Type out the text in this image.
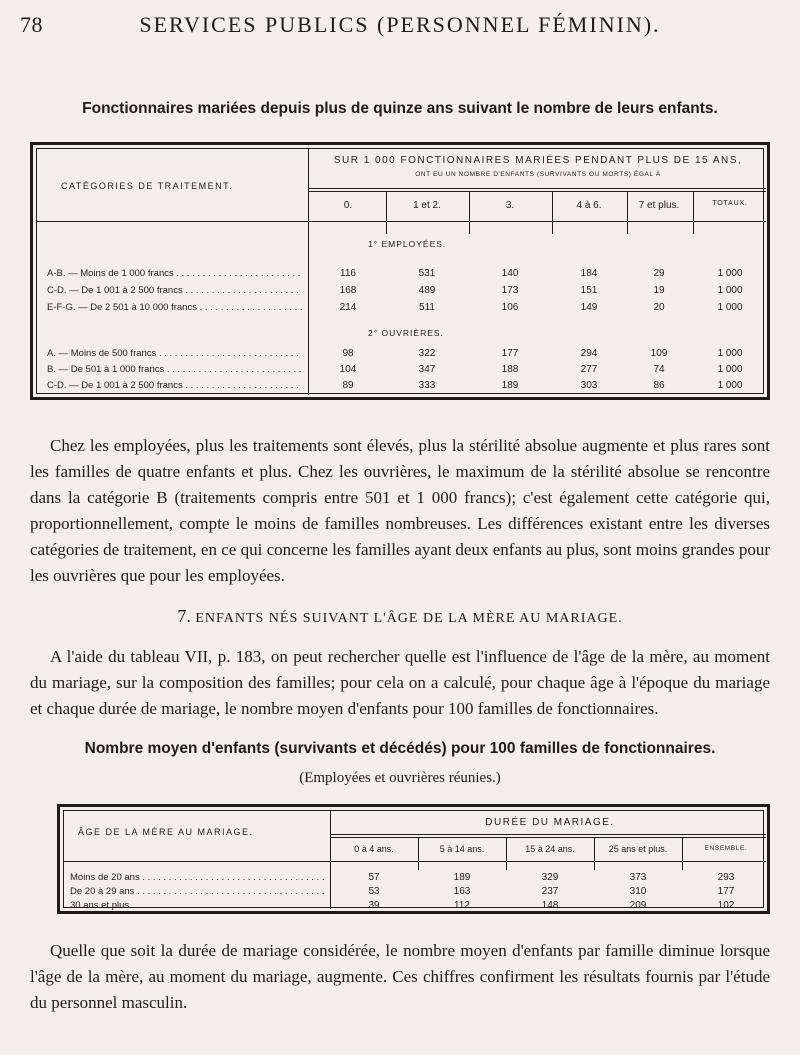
78	SERVICES PUBLICS (PERSONNEL FÉMININ).
Fonctionnaires mariées depuis plus de quinze ans suivant le nombre de leurs enfants.
CATÉGORIES DE TRAITEMENT.
SUR 1 000 FONCTIONNAIRES MARIÉES PENDANT PLUS DE 15 ANS,
ONT EU UN NOMBRE D'ENFANTS (SURVIVANTS OU MORTS) ÉGAL À
0.	1 et 2.	3.	4 à 6.	7 et plus.	TOTAUX.
1° EMPLOYÉES.
A-B. — Moins de 1 000 francs . . .	116	531	140	184	29	1 000
C-D. — De 1 001 à 2 500 francs . . .	168	489	173	151	19	1 000
E-F-G. — De 2 501 à 10 000 francs . . .	214	511	106	149	20	1 000
2° OUVRIÈRES.
A. — Moins de 500 francs . . .	98	322	177	294	109	1 000
B. — De 501 à 1 000 francs . . .	104	347	188	277	74	1 000
C-D. — De 1 001 à 2 500 francs . . .	89	333	189	303	86	1 000

Chez les employées, plus les traitements sont élevés, plus la stérilité absolue augmente et plus rares sont les familles de quatre enfants et plus. Chez les ouvrières, le maximum de la stérilité absolue se rencontre dans la catégorie B (traitements compris entre 501 et 1 000 francs); c'est également cette catégorie qui, proportionnellement, compte le moins de familles nombreuses. Les différences existant entre les diverses catégories de traitement, en ce qui concerne les familles ayant deux enfants au plus, sont moins grandes pour les ouvrières que pour les employées.

7. ENFANTS NÉS SUIVANT L'ÂGE DE LA MÈRE AU MARIAGE.

A l'aide du tableau VII, p. 183, on peut rechercher quelle est l'influence de l'âge de la mère, au moment du mariage, sur la composition des familles; pour cela on a calculé, pour chaque âge à l'époque du mariage et chaque durée de mariage, le nombre moyen d'enfants pour 100 familles de fonctionnaires.

Nombre moyen d'enfants (survivants et décédés) pour 100 familles de fonctionnaires.
(Employées et ouvrières réunies.)
ÂGE DE LA MÈRE AU MARIAGE.
DURÉE DU MARIAGE.
0 à 4 ans.	5 à 14 ans.	15 à 24 ans.	25 ans et plus.	ENSEMBLE.
Moins de 20 ans . . .	57	189	329	373	293
De 20 à 29 ans . . .	53	163	237	310	177
30 ans et plus . . .	39	112	148	209	102

Quelle que soit la durée de mariage considérée, le nombre moyen d'enfants par famille diminue lorsque l'âge de la mère, au moment du mariage, augmente. Ces chiffres confirment les résultats fournis par l'étude du personnel masculin.
